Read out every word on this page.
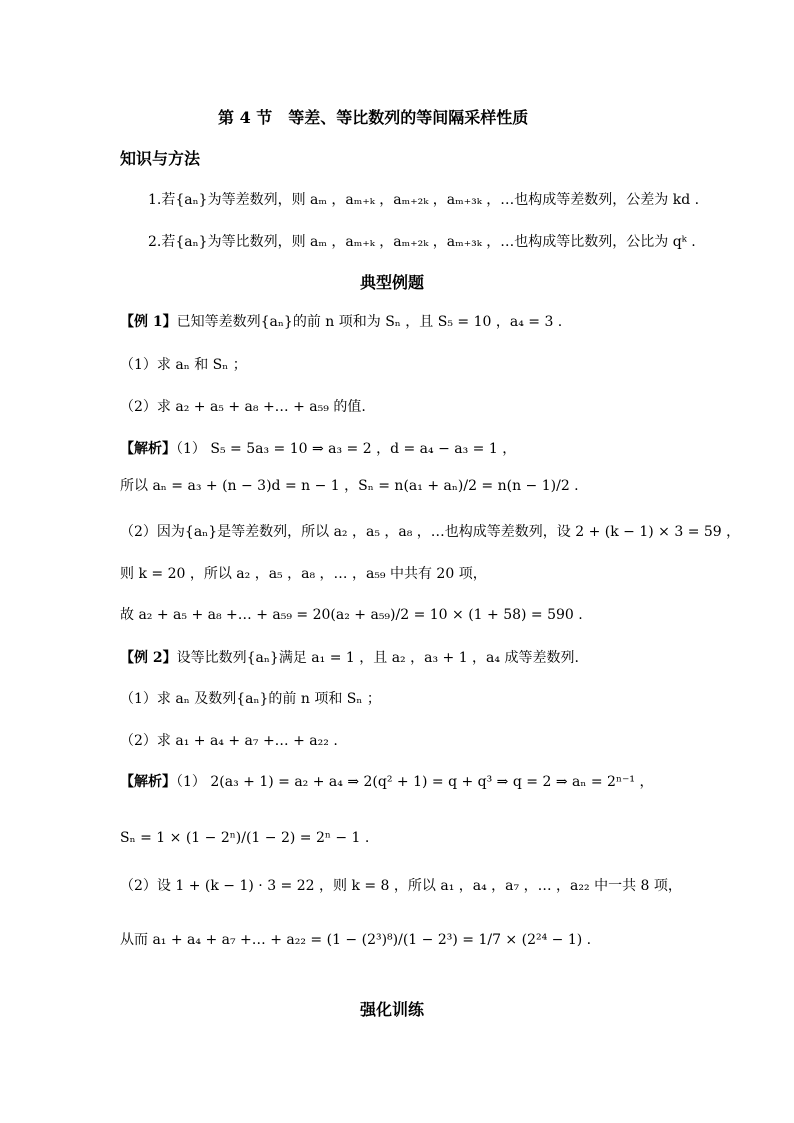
第 4 节　等差、等比数列的等间隔采样性质
知识与方法
1.若{aₙ}为等差数列，则 aₘ ，aₘ₊ₖ ，aₘ₊₂ₖ ，aₘ₊₃ₖ ，…也构成等差数列，公差为 kd .
2.若{aₙ}为等比数列，则 aₘ ，aₘ₊ₖ ，aₘ₊₂ₖ ，aₘ₊₃ₖ ，…也构成等比数列，公比为 qᵏ .
典型例题
【例 1】已知等差数列{aₙ}的前 n 项和为 Sₙ ，且 S₅ = 10 ，a₄ = 3 .
（1）求 aₙ 和 Sₙ ；
（2）求 a₂ + a₅ + a₈ +… + a₅₉ 的值.
【解析】（1） S₅ = 5a₃ = 10 ⇒ a₃ = 2 ，d = a₄ − a₃ = 1 ，
所以 aₙ = a₃ + (n − 3)d = n − 1 ，Sₙ = n(a₁ + aₙ)/2 = n(n − 1)/2 .
（2）因为{aₙ}是等差数列，所以 a₂ ，a₅ ，a₈ ，…也构成等差数列，设 2 + (k − 1) × 3 = 59 ，
则 k = 20 ，所以 a₂ ，a₅ ，a₈ ，… ，a₅₉ 中共有 20 项，
故 a₂ + a₅ + a₈ +… + a₅₉ = 20(a₂ + a₅₉)/2 = 10 × (1 + 58) = 590 .
【例 2】设等比数列{aₙ}满足 a₁ = 1 ，且 a₂ ，a₃ + 1 ，a₄ 成等差数列.
（1）求 aₙ 及数列{aₙ}的前 n 项和 Sₙ ；
（2）求 a₁ + a₄ + a₇ +… + a₂₂ .
【解析】（1） 2(a₃ + 1) = a₂ + a₄ ⇒ 2(q² + 1) = q + q³ ⇒ q = 2 ⇒ aₙ = 2ⁿ⁻¹ ，
Sₙ = 1 × (1 − 2ⁿ)/(1 − 2) = 2ⁿ − 1 .
（2）设 1 + (k − 1) · 3 = 22 ，则 k = 8 ，所以 a₁ ，a₄ ，a₇ ，… ，a₂₂ 中一共 8 项，
从而 a₁ + a₄ + a₇ +… + a₂₂ = (1 − (2³)⁸)/(1 − 2³) = 1/7 × (2²⁴ − 1) .
强化训练
